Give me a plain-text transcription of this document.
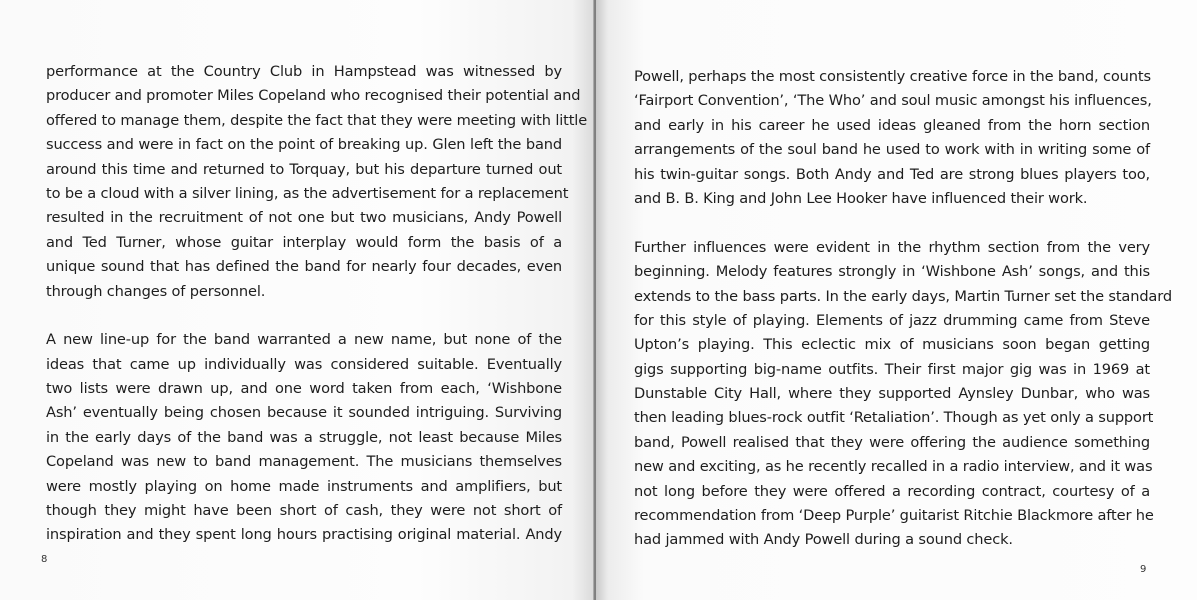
performance at the Country Club in Hampstead was witnessed by
producer and promoter Miles Copeland who recognised their potential and
offered to manage them, despite the fact that they were meeting with little
success and were in fact on the point of breaking up. Glen left the band
around this time and returned to Torquay, but his departure turned out
to be a cloud with a silver lining, as the advertisement for a replacement
resulted in the recruitment of not one but two musicians, Andy Powell
and Ted Turner, whose guitar interplay would form the basis of a
unique sound that has defined the band for nearly four decades, even
through changes of personnel.
A new line-up for the band warranted a new name, but none of the
ideas that came up individually was considered suitable. Eventually
two lists were drawn up, and one word taken from each, ‘Wishbone
Ash’ eventually being chosen because it sounded intriguing. Surviving
in the early days of the band was a struggle, not least because Miles
Copeland was new to band management. The musicians themselves
were mostly playing on home made instruments and amplifiers, but
though they might have been short of cash, they were not short of
inspiration and they spent long hours practising original material. Andy
8
Powell, perhaps the most consistently creative force in the band, counts
‘Fairport Convention’, ‘The Who’ and soul music amongst his influences,
and early in his career he used ideas gleaned from the horn section
arrangements of the soul band he used to work with in writing some of
his twin-guitar songs. Both Andy and Ted are strong blues players too,
and B. B. King and John Lee Hooker have influenced their work.
Further influences were evident in the rhythm section from the very
beginning. Melody features strongly in ‘Wishbone Ash’ songs, and this
extends to the bass parts. In the early days, Martin Turner set the standard
for this style of playing. Elements of jazz drumming came from Steve
Upton’s playing. This eclectic mix of musicians soon began getting
gigs supporting big-name outfits. Their first major gig was in 1969 at
Dunstable City Hall, where they supported Aynsley Dunbar, who was
then leading blues-rock outfit ‘Retaliation’. Though as yet only a support
band, Powell realised that they were offering the audience something
new and exciting, as he recently recalled in a radio interview, and it was
not long before they were offered a recording contract, courtesy of a
recommendation from ‘Deep Purple’ guitarist Ritchie Blackmore after he
had jammed with Andy Powell during a sound check.
9
